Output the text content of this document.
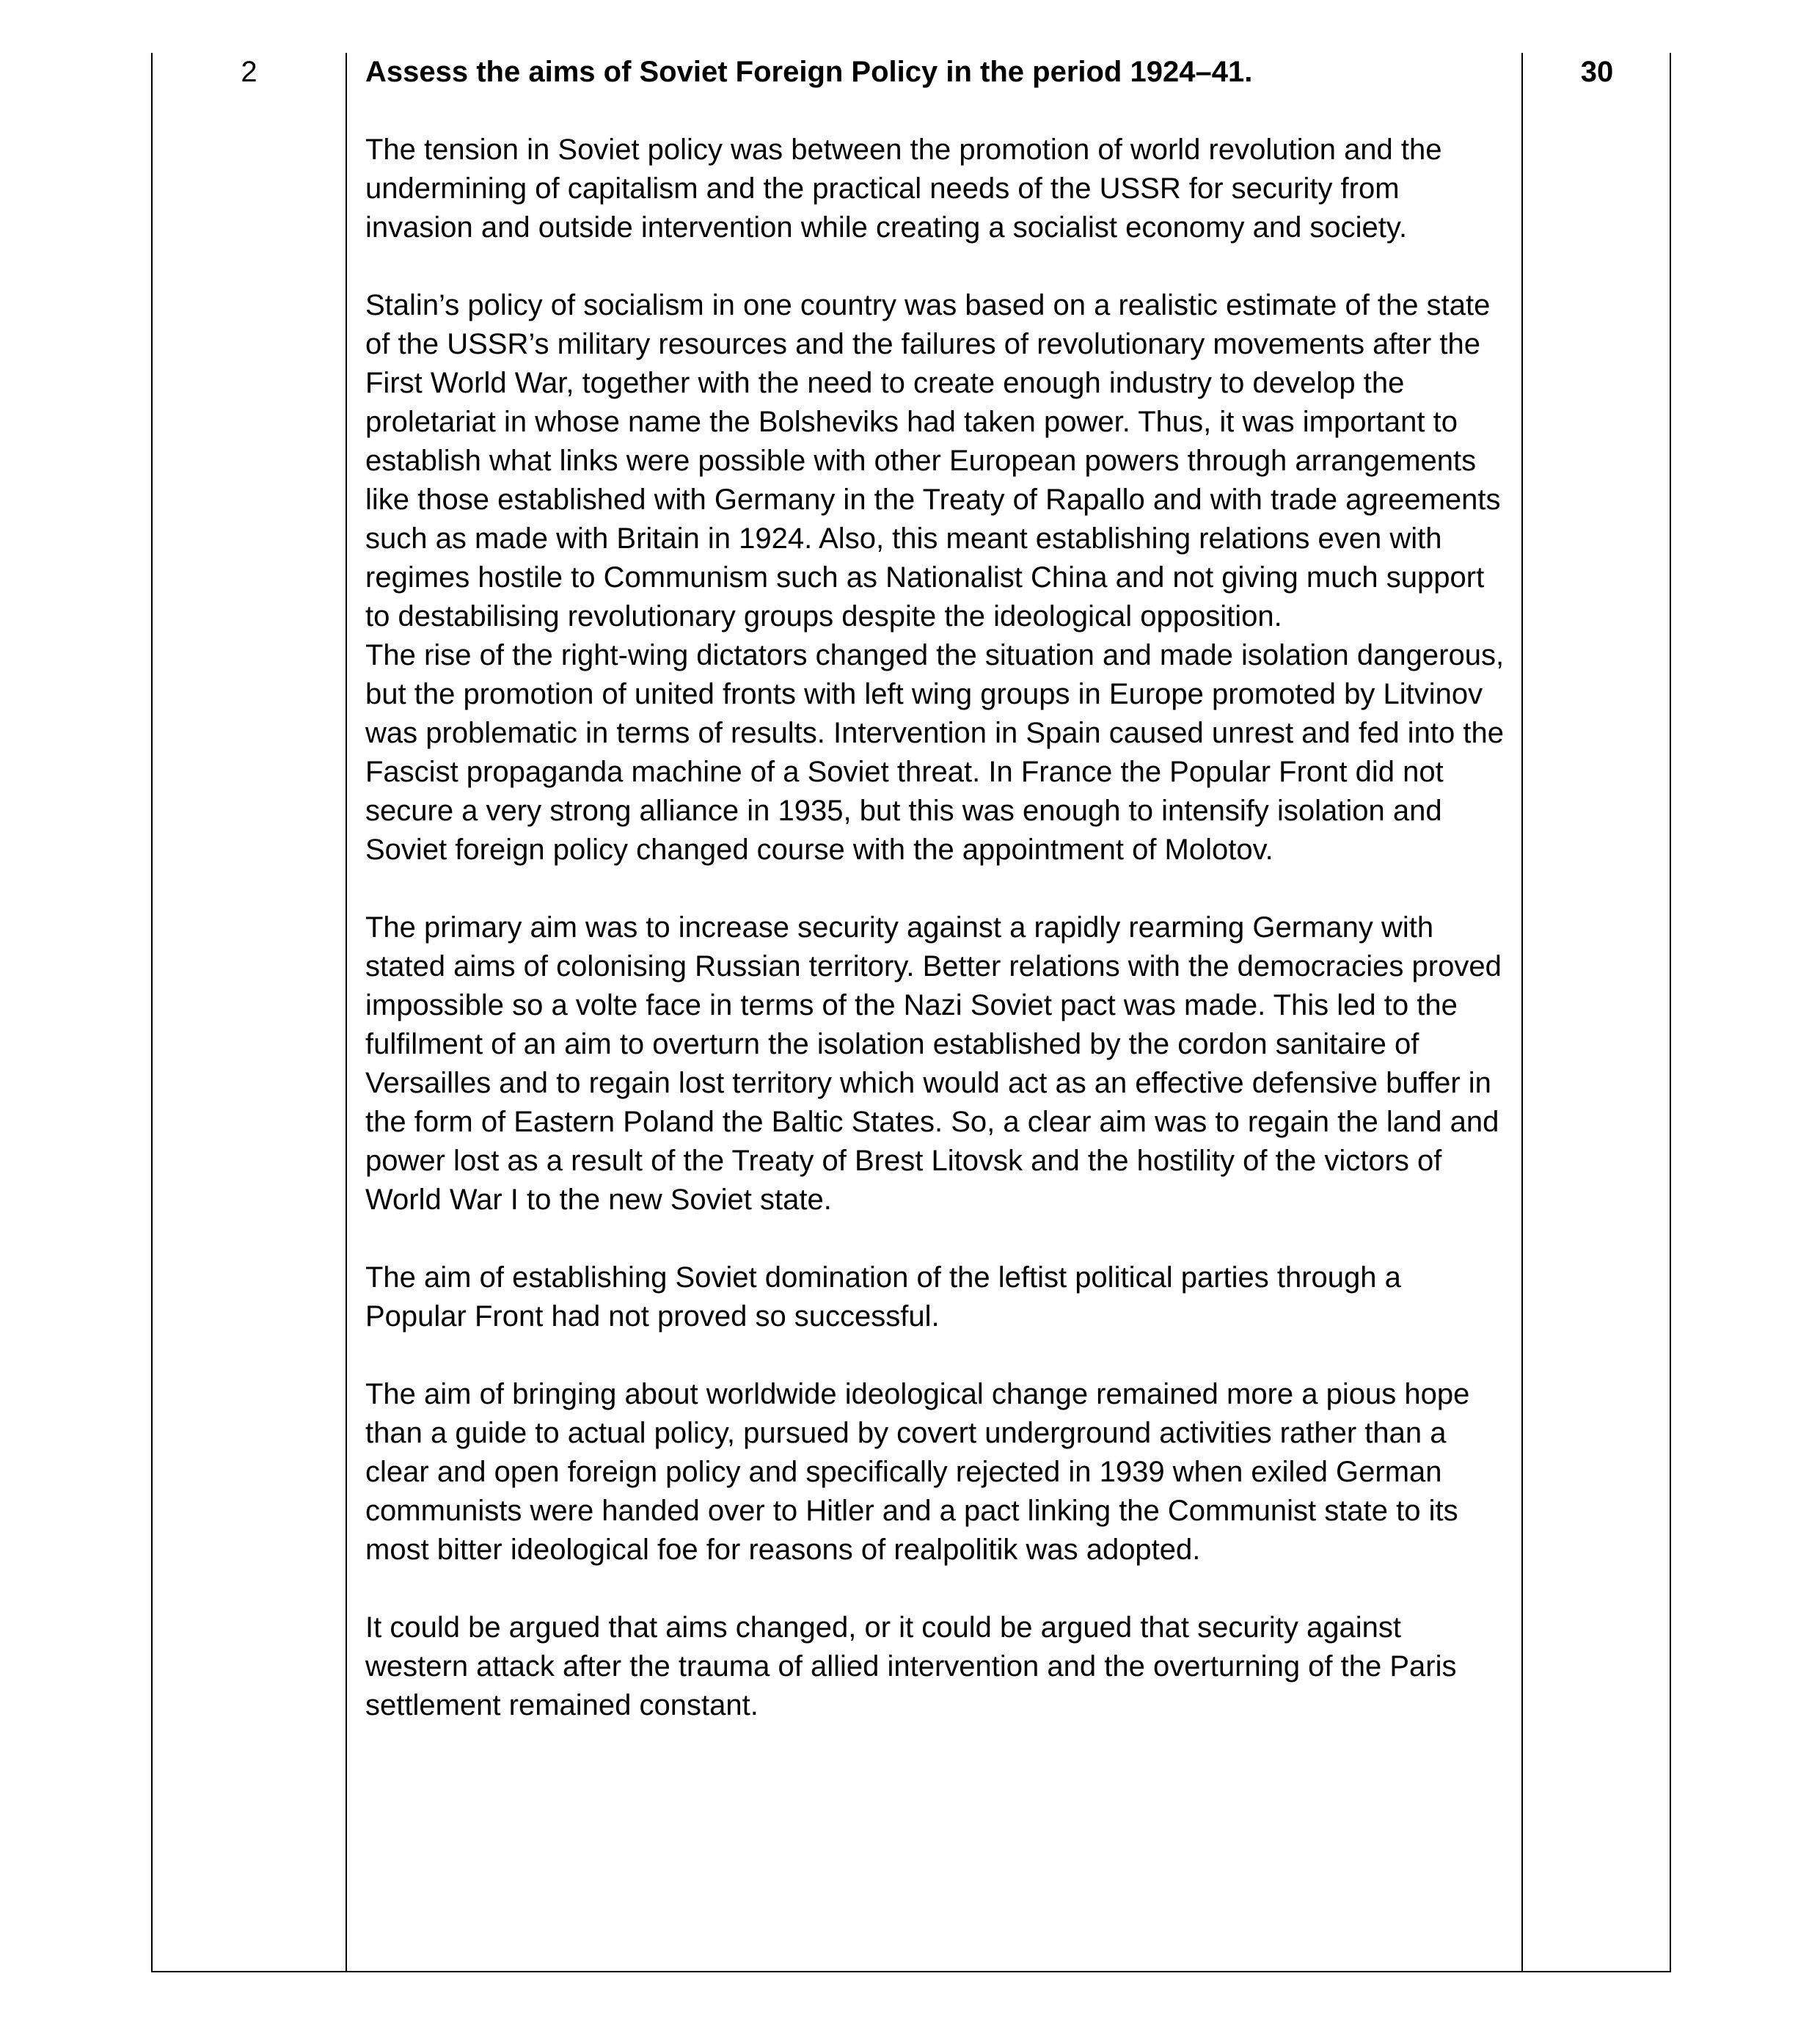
2	Assess the aims of Soviet Foreign Policy in the period 1924–41.

The tension in Soviet policy was between the promotion of world revolution and the undermining of capitalism and the practical needs of the USSR for security from invasion and outside intervention while creating a socialist economy and society.

Stalin’s policy of socialism in one country was based on a realistic estimate of the state of the USSR’s military resources and the failures of revolutionary movements after the First World War, together with the need to create enough industry to develop the proletariat in whose name the Bolsheviks had taken power. Thus, it was important to establish what links were possible with other European powers through arrangements like those established with Germany in the Treaty of Rapallo and with trade agreements such as made with Britain in 1924. Also, this meant establishing relations even with regimes hostile to Communism such as Nationalist China and not giving much support to destabilising revolutionary groups despite the ideological opposition.

The rise of the right-wing dictators changed the situation and made isolation dangerous, but the promotion of united fronts with left wing groups in Europe promoted by Litvinov was problematic in terms of results. Intervention in Spain caused unrest and fed into the Fascist propaganda machine of a Soviet threat. In France the Popular Front did not secure a very strong alliance in 1935, but this was enough to intensify isolation and Soviet foreign policy changed course with the appointment of Molotov.

The primary aim was to increase security against a rapidly rearming Germany with stated aims of colonising Russian territory. Better relations with the democracies proved impossible so a volte face in terms of the Nazi Soviet pact was made. This led to the fulfilment of an aim to overturn the isolation established by the cordon sanitaire of Versailles and to regain lost territory which would act as an effective defensive buffer in the form of Eastern Poland the Baltic States. So, a clear aim was to regain the land and power lost as a result of the Treaty of Brest Litovsk and the hostility of the victors of World War I to the new Soviet state.

The aim of establishing Soviet domination of the leftist political parties through a Popular Front had not proved so successful.

The aim of bringing about worldwide ideological change remained more a pious hope than a guide to actual policy, pursued by covert underground activities rather than a clear and open foreign policy and specifically rejected in 1939 when exiled German communists were handed over to Hitler and a pact linking the Communist state to its most bitter ideological foe for reasons of realpolitik was adopted.

It could be argued that aims changed, or it could be argued that security against western attack after the trauma of allied intervention and the overturning of the Paris settlement remained constant.

30
